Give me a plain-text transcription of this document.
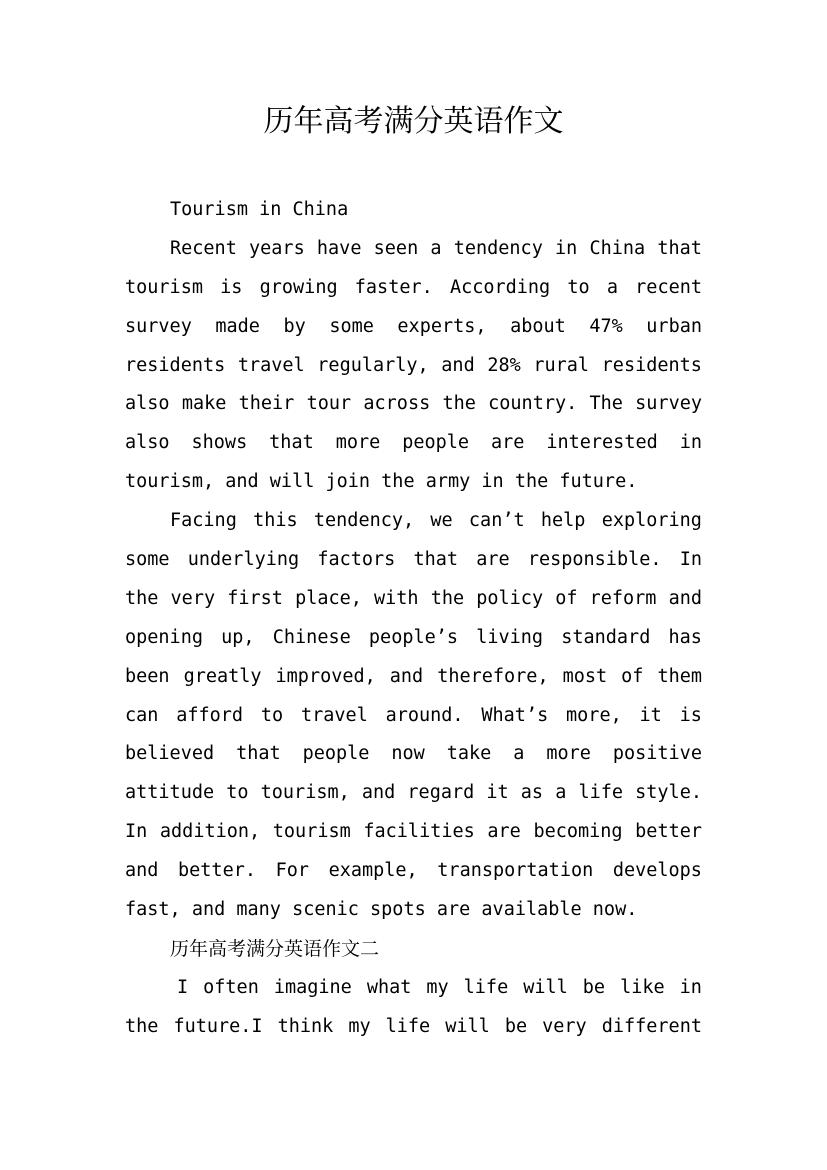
历年高考满分英语作文
Tourism in China
Recent years have seen a tendency in China that
tourism is growing faster. According to a recent
survey made by some experts, about 47% urban
residents travel regularly, and 28% rural residents
also make their tour across the country. The survey
also shows that more people are interested in
tourism, and will join the army in the future.
Facing this tendency, we can’t help exploring
some underlying factors that are responsible. In
the very first place, with the policy of reform and
opening up, Chinese people’s living standard has
been greatly improved, and therefore, most of them
can afford to travel around. What’s more, it is
believed that people now take a more positive
attitude to tourism, and regard it as a life style.
In addition, tourism facilities are becoming better
and better. For example, transportation develops
fast, and many scenic spots are available now.
历年高考满分英语作文二
I often imagine what my life will be like in
the future.I think my life will be very different
